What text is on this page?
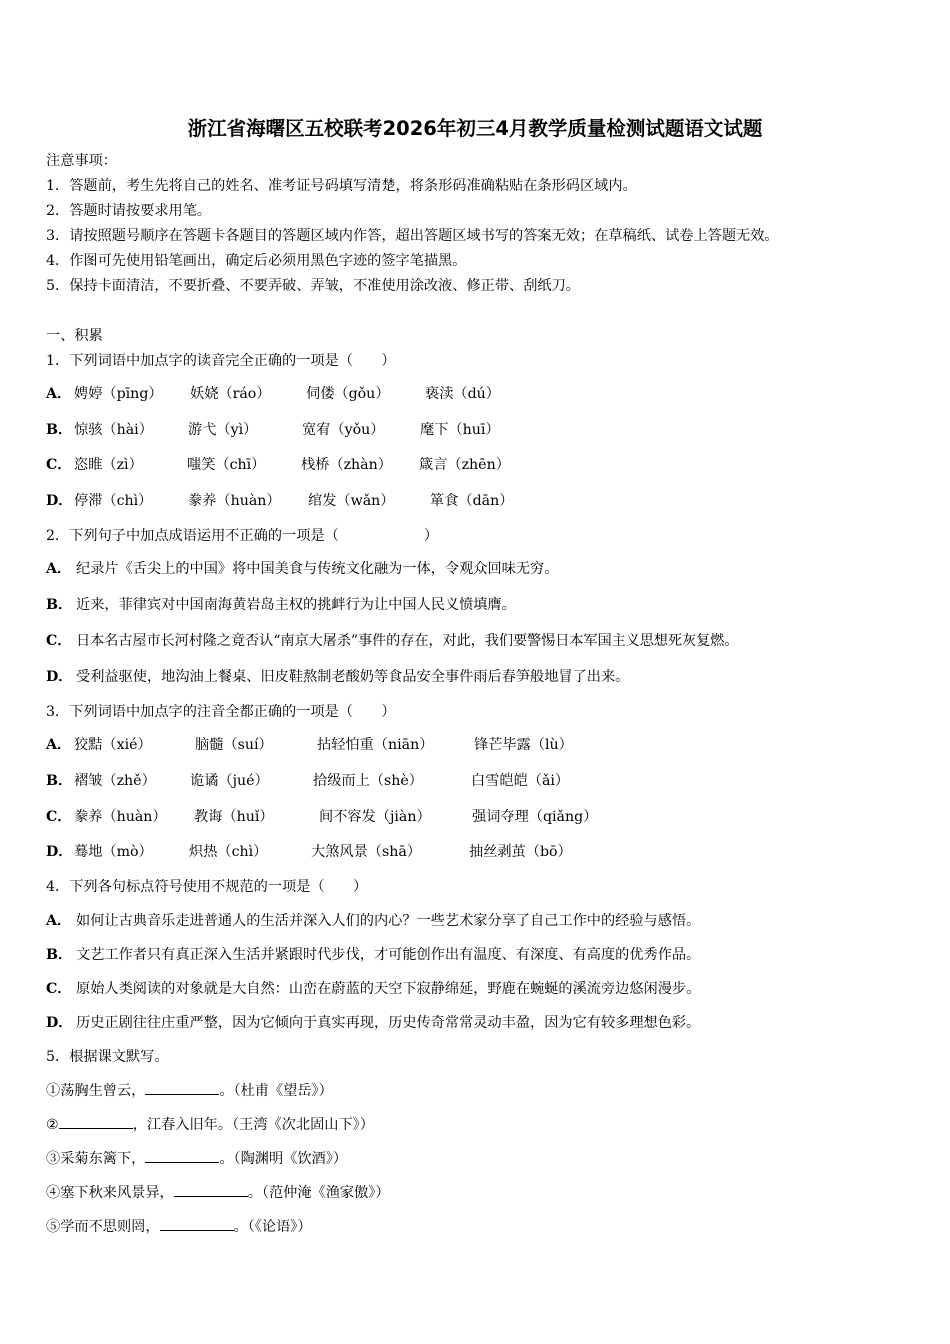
浙江省海曙区五校联考2026年初三4月教学质量检测试题语文试题
注意事项：
1．答题前，考生先将自己的姓名、准考证号码填写清楚，将条形码准确粘贴在条形码区域内。
2．答题时请按要求用笔。
3．请按照题号顺序在答题卡各题目的答题区域内作答，超出答题区域书写的答案无效；在草稿纸、试卷上答题无效。
4．作图可先使用铅笔画出，确定后必须用黑色字迹的签字笔描黑。
5．保持卡面清洁，不要折叠、不要弄破、弄皱，不准使用涂改液、修正带、刮纸刀。
一、积累
1．下列词语中加点字的读音完全正确的一项是（　　）
A． 娉婷（pīng） 妖娆（ráo） 伺偻（gǒu） 亵渎（dú）
B． 惊骇（hài） 游弋（yì）	宽宥（yǒu）	麾下（huī）
C． 恣睢（zì）	嗤笑（chī）	栈桥（zhàn） 箴言（zhēn）
D． 停滞（chì）	豢养（huàn） 绾发（wǎn）	箪食（dān）
2．下列句子中加点成语运用不正确的一项是（　　　　　　）
A． 纪录片《舌尖上的中国》将中国美食与传统文化融为一体，令观众回味无穷。
B． 近来，菲律宾对中国南海黄岩岛主权的挑衅行为让中国人民义愤填膺。
C． 日本名古屋市长河村隆之竟否认“南京大屠杀”事件的存在，对此，我们要警惕日本军国主义思想死灰复燃。
D． 受利益驱使，地沟油上餐桌、旧皮鞋熬制老酸奶等食品安全事件雨后春笋般地冒了出来。
3．下列词语中加点字的注音全都正确的一项是（　　）
A． 狡黠（xié）	脑髓（suí）	拈轻怕重（niān）	锋芒毕露（lù）
B． 褶皱（zhě） 诡谲（jué）	拾级而上（shè）	白雪皑皑（ǎi）
C． 豢养（huàn） 教诲（huǐ）	间不容发（jiàn）	强词夺理（qiǎng）
D． 蓦地（mò）	炽热（chì）	大煞风景（shā）	抽丝剥茧（bō）
4．下列各句标点符号使用不规范的一项是（　　）
A． 如何让古典音乐走进普通人的生活并深入人们的内心？一些艺术家分享了自己工作中的经验与感悟。
B． 文艺工作者只有真正深入生活并紧跟时代步伐，才可能创作出有温度、有深度、有高度的优秀作品。
C． 原始人类阅读的对象就是大自然：山峦在蔚蓝的天空下寂静绵延，野鹿在蜿蜒的溪流旁边悠闲漫步。
D． 历史正剧往往庄重严整，因为它倾向于真实再现，历史传奇常常灵动丰盈，因为它有较多理想色彩。
5．根据课文默写。
①荡胸生曾云，	。（杜甫《望岳》）
②	，江春入旧年。（王湾《次北固山下》）
③采菊东篱下，	。（陶渊明《饮酒》）
④塞下秋来风景异，	。（范仲淹《渔家傲》）
⑤学而不思则罔，	。（《论语》）
